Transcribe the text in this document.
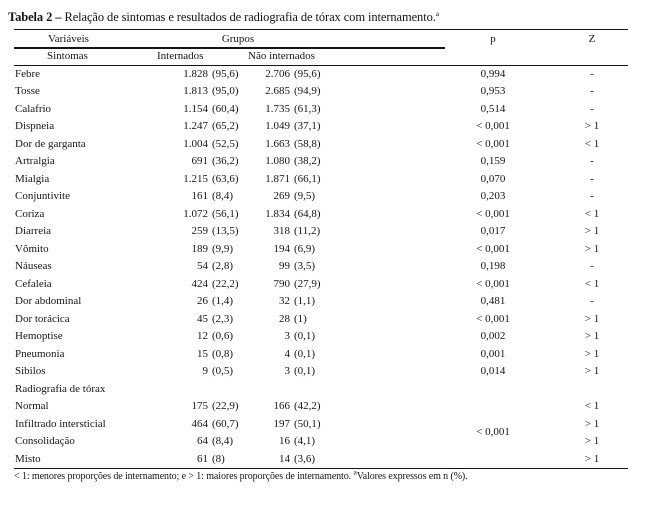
Tabela 2 – Relação de sintomas e resultados de radiografia de tórax com internamento.$^a$
Variáveis	Grupos		p	Z
Sintomas	Internados	Não internados		
Febre	1.828 (95,6)	2.706 (95,6)	0,994	-
Tosse	1.813 (95,0)	2.685 (94,9)	0,953	-
Calafrio	1.154 (60,4)	1.735 (61,3)	0,514	-
Dispneia	1.247 (65,2)	1.049 (37,1)	< 0,001	> 1
Dor de garganta	1.004 (52,5)	1.663 (58,8)	< 0,001	< 1
Artralgia	691 (36,2)	1.080 (38,2)	0,159	-
Mialgia	1.215 (63,6)	1.871 (66,1)	0,070	-
Conjuntivite	161 (8,4)	269 (9,5)	0,203	-
Coriza	1.072 (56,1)	1.834 (64,8)	< 0,001	< 1
Diarreia	259 (13,5)	318 (11,2)	0,017	> 1
Vômito	189 (9,9)	194 (6,9)	< 0,001	> 1
Náuseas	54 (2,8)	99 (3,5)	0,198	-
Cefaleia	424 (22,2)	790 (27,9)	< 0,001	< 1
Dor abdominal	26 (1,4)	32 (1,1)	0,481	-
Dor torácica	45 (2,3)	28 (1)	< 0,001	> 1
Hemoptise	12 (0,6)	3 (0,1)	0,002	> 1
Pneumonia	15 (0,8)	4 (0,1)	0,001	> 1
Sibilos	9 (0,5)	3 (0,1)	0,014	> 1
Radiografia de tórax				
Normal	175 (22,9)	166 (42,2)	< 0,001	< 1
Infiltrado intersticial	464 (60,7)	197 (50,1)		> 1
Consolidação	64 (8,4)	16 (4,1)		> 1
Misto	61 (8)	14 (3,6)		> 1
< 1: menores proporções de internamento; e > 1: maiores proporções de internamento. $^a$Valores expressos em n (%).
